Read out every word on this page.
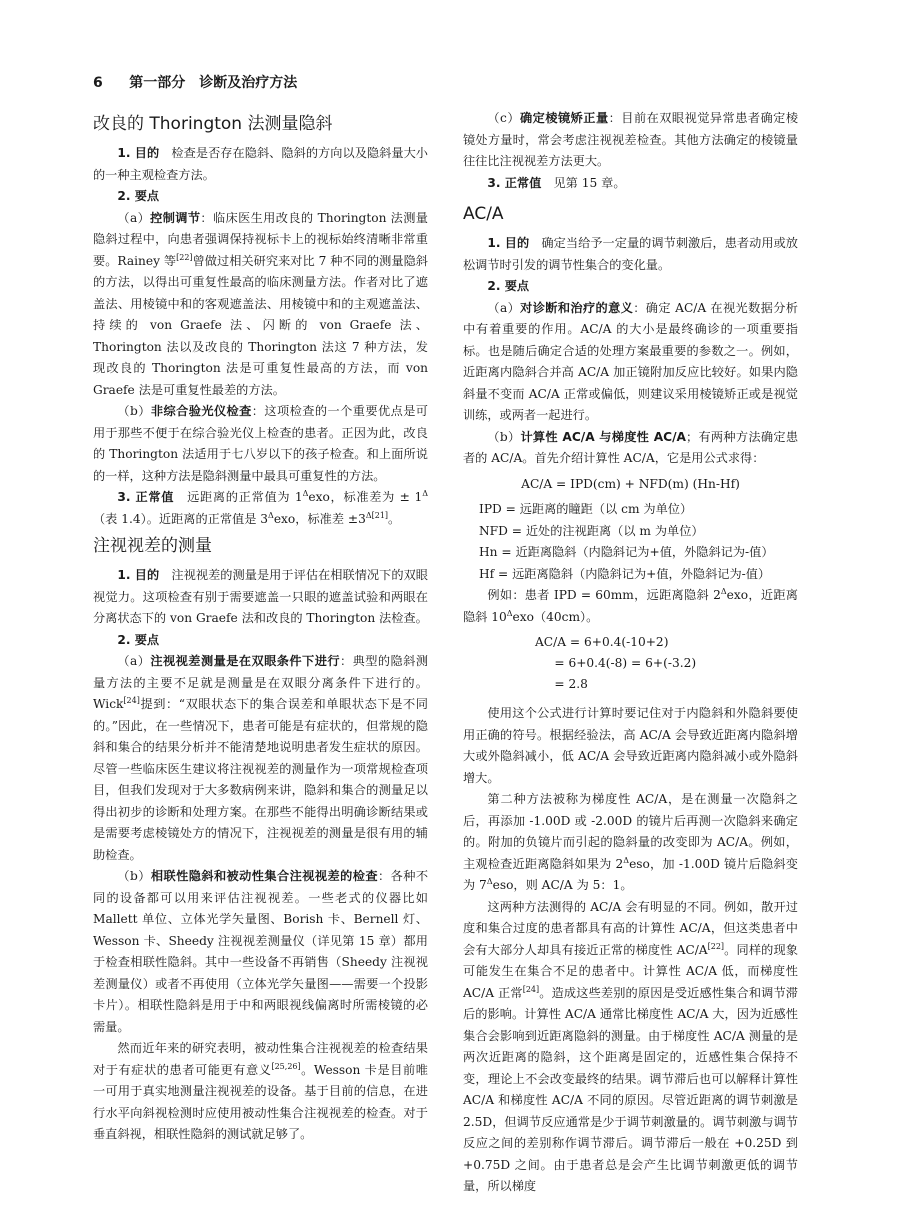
6 第一部分　诊断及治疗方法
改良的 Thorington 法测量隐斜

1. 目的　检查是否存在隐斜、隐斜的方向以及隐斜量大小的一种主观检查方法。

2. 要点

（a）控制调节：临床医生用改良的 Thorington 法测量隐斜过程中，向患者强调保持视标卡上的视标始终清晰非常重要。Rainey 等[22]曾做过相关研究来对比 7 种不同的测量隐斜的方法，以得出可重复性最高的临床测量方法。作者对比了遮盖法、用棱镜中和的客观遮盖法、用棱镜中和的主观遮盖法、持续的 von Graefe 法、闪断的 von Graefe 法、Thorington 法以及改良的 Thorington 法这 7 种方法，发现改良的 Thorington 法是可重复性最高的方法，而 von Graefe 法是可重复性最差的方法。

（b）非综合验光仪检查：这项检查的一个重要优点是可用于那些不便于在综合验光仪上检查的患者。正因为此，改良的 Thorington 法适用于七八岁以下的孩子检查。和上面所说的一样，这种方法是隐斜测量中最具可重复性的方法。

3. 正常值　远距离的正常值为 $1^\Delta exo$，标准差为 ± $1^\Delta$（表 1.4）。近距离的正常值是 $3^\Delta exo$，标准差 $\pm 3^{\Delta[21]}$。

注视视差的测量

1. 目的　注视视差的测量是用于评估在相联情况下的双眼视觉力。这项检查有别于需要遮盖一只眼的遮盖试验和两眼在分离状态下的 von Graefe 法和改良的 Thorington 法检查。

2. 要点

（a）注视视差测量是在双眼条件下进行：典型的隐斜测量方法的主要不足就是测量是在双眼分离条件下进行的。Wick[24]提到：“双眼状态下的集合误差和单眼状态下是不同的。”因此，在一些情况下，患者可能是有症状的，但常规的隐斜和集合的结果分析并不能清楚地说明患者发生症状的原因。尽管一些临床医生建议将注视视差的测量作为一项常规检查项目，但我们发现对于大多数病例来讲，隐斜和集合的测量足以得出初步的诊断和处理方案。在那些不能得出明确诊断结果或是需要考虑棱镜处方的情况下，注视视差的测量是很有用的辅助检查。

（b）相联性隐斜和被动性集合注视视差的检查：各种不同的设备都可以用来评估注视视差。一些老式的仪器比如 Mallett 单位、立体光学矢量图、Borish 卡、Bernell 灯、Wesson 卡、Sheedy 注视视差测量仪（详见第 15 章）都用于检查相联性隐斜。其中一些设备不再销售（Sheedy 注视视差测量仪）或者不再使用（立体光学矢量图——需要一个投影卡片）。相联性隐斜是用于中和两眼视线偏离时所需棱镜的必需量。

然而近年来的研究表明，被动性集合注视视差的检查结果对于有症状的患者可能更有意义[25,26]。Wesson 卡是目前唯一可用于真实地测量注视视差的设备。基于目前的信息，在进行水平向斜视检测时应使用被动性集合注视视差的检查。对于垂直斜视，相联性隐斜的测试就足够了。

（c）确定棱镜矫正量：目前在双眼视觉异常患者确定棱镜处方量时，常会考虑注视视差检查。其他方法确定的棱镜量往往比注视视差方法更大。

3. 正常值　见第 15 章。

AC/A

1. 目的　确定当给予一定量的调节刺激后，患者动用或放松调节时引发的调节性集合的变化量。

2. 要点

（a）对诊断和治疗的意义：确定 AC/A 在视光数据分析中有着重要的作用。AC/A 的大小是最终确诊的一项重要指标。也是随后确定合适的处理方案最重要的参数之一。例如，近距离内隐斜合并高 AC/A 加正镜附加反应比较好。如果内隐斜量不变而 AC/A 正常或偏低，则建议采用棱镜矫正或是视觉训练，或两者一起进行。

（b）计算性 AC/A 与梯度性 AC/A；有两种方法确定患者的 AC/A。首先介绍计算性 AC/A，它是用公式求得：

AC/A = IPD(cm) + NFD(m) (Hn-Hf)

IPD = 远距离的瞳距（以 cm 为单位）

NFD = 近处的注视距离（以 m 为单位）

Hn = 近距离隐斜（内隐斜记为+值，外隐斜记为-值）

Hf = 远距离隐斜（内隐斜记为+值，外隐斜记为-值）

例如：患者 IPD = 60mm，远距离隐斜 $2^\Delta exo$，近距离隐斜 $10^\Delta exo(40cm)$。

AC/A = 6+0.4(-10+2)
= 6+0.4(-8) = 6+(-3.2)
= 2.8

使用这个公式进行计算时要记住对于内隐斜和外隐斜要使用正确的符号。根据经验法，高 AC/A 会导致近距离内隐斜增大或外隐斜减小，低 AC/A 会导致近距离内隐斜减小或外隐斜增大。

第二种方法被称为梯度性 AC/A，是在测量一次隐斜之后，再添加 -1.00D 或 -2.00D 的镜片后再测一次隐斜来确定的。附加的负镜片而引起的隐斜量的改变即为 AC/A。例如，主观检查近距离隐斜如果为 $2^\Delta eso$，加 -1.00D 镜片后隐斜变为 $7^\Delta eso$，则 AC/A 为 5：1。

这两种方法测得的 AC/A 会有明显的不同。例如，散开过度和集合过度的患者都具有高的计算性 AC/A，但这类患者中会有大部分人却具有接近正常的梯度性 AC/A[22]。同样的现象可能发生在集合不足的患者中。计算性 AC/A 低，而梯度性 AC/A 正常[24]。造成这些差别的原因是受近感性集合和调节滞后的影响。计算性 AC/A 通常比梯度性 AC/A 大，因为近感性集合会影响到近距离隐斜的测量。由于梯度性 AC/A 测量的是两次近距离的隐斜，这个距离是固定的，近感性集合保持不变，理论上不会改变最终的结果。调节滞后也可以解释计算性 AC/A 和梯度性 AC/A 不同的原因。尽管近距离的调节刺激是 2.5D，但调节反应通常是少于调节刺激量的。调节刺激与调节反应之间的差别称作调节滞后。调节滞后一般在 +0.25D 到 +0.75D 之间。由于患者总是会产生比调节刺激更低的调节量，所以梯度
